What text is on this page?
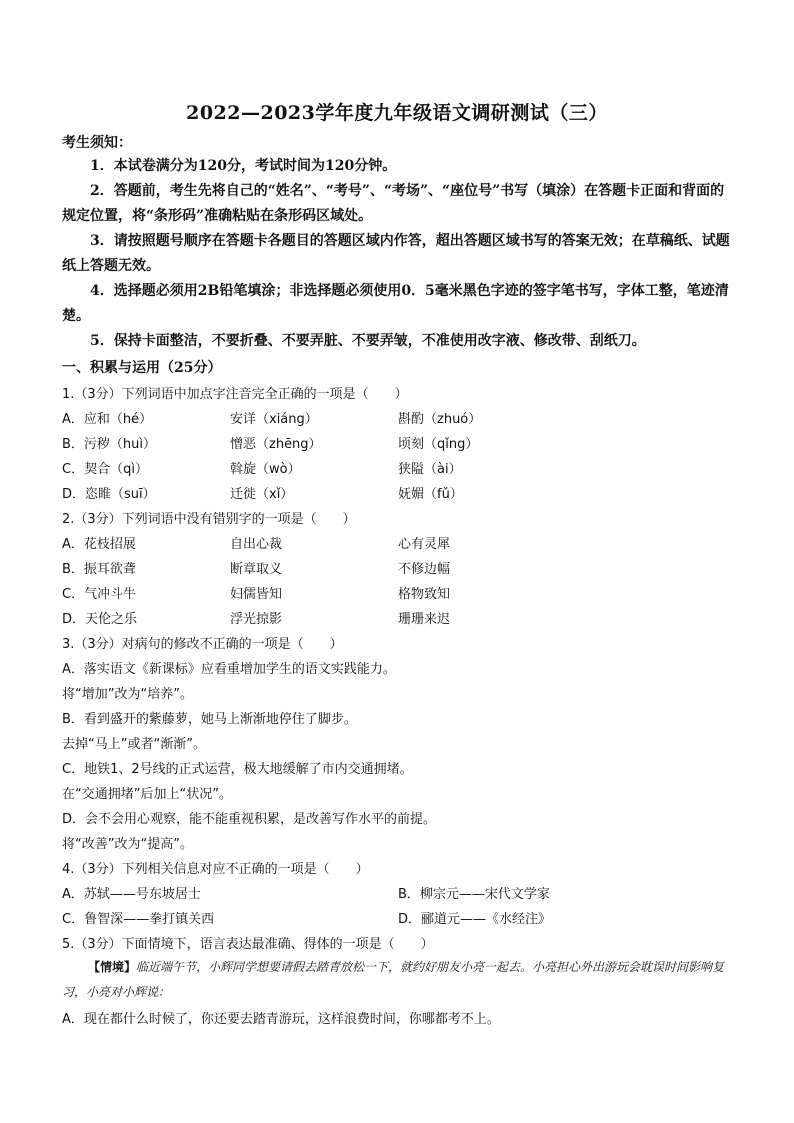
2022—2023学年度九年级语文调研测试（三）
考生须知：

1．本试卷满分为120分，考试时间为120分钟。

2．答题前，考生先将自己的“姓名”、“考号”、“考场”、“座位号”书写（填涂）在答题卡正面和背面的规定位置，将“条形码”准确粘贴在条形码区域处。

3．请按照题号顺序在答题卡各题目的答题区域内作答，超出答题区域书写的答案无效；在草稿纸、试题纸上答题无效。

4．选择题必须用2B铅笔填涂；非选择题必须使用0．5毫米黑色字迹的签字笔书写，字体工整，笔迹清楚。

5．保持卡面整洁，不要折叠、不要弄脏、不要弄皱，不准使用改字液、修改带、刮纸刀。

一、积累与运用（25分）
1.（3分）下列词语中加点字注音完全正确的一项是（　　）
A．应和（hé）	安详（xiáng）	斟酌（zhuó）
B．污秽（huì）	憎恶（zhēng）	顷刻（qǐng）
C．契合（qì）	斡旋（wò）	狭隘（ài）
D．恣睢（suī）	迁徙（xǐ）	妩媚（fǔ）
2.（3分）下列词语中没有错别字的一项是（　　）
A．花枝招展	自出心裁	心有灵犀
B．振耳欲聋	断章取义	不修边幅
C．气冲斗牛	妇儒皆知	格物致知
D．天伦之乐	浮光掠影	珊珊来迟
3.（3分）对病句的修改不正确的一项是（　　）
A．落实语文《新课标》应看重增加学生的语文实践能力。
将“增加”改为“培养”。
B．看到盛开的紫藤萝，她马上渐渐地停住了脚步。
去掉“马上”或者“渐渐”。
C．地铁1、2号线的正式运营，极大地缓解了市内交通拥堵。
在“交通拥堵”后加上“状况”。
D．会不会用心观察，能不能重视积累，是改善写作水平的前提。
将“改善”改为“提高”。
4.（3分）下列相关信息对应不正确的一项是（　　）
A．苏轼——号东坡居士	B．柳宗元——宋代文学家
C．鲁智深——拳打镇关西	D．郦道元——《水经注》
5.（3分）下面情境下，语言表达最准确、得体的一项是（　　）

【情境】临近端午节，小辉同学想要请假去踏青放松一下，就约好朋友小亮一起去。小亮担心外出游玩会耽误时间影响复习，小亮对小辉说：

A．现在都什么时候了，你还要去踏青游玩，这样浪费时间，你哪都考不上。
